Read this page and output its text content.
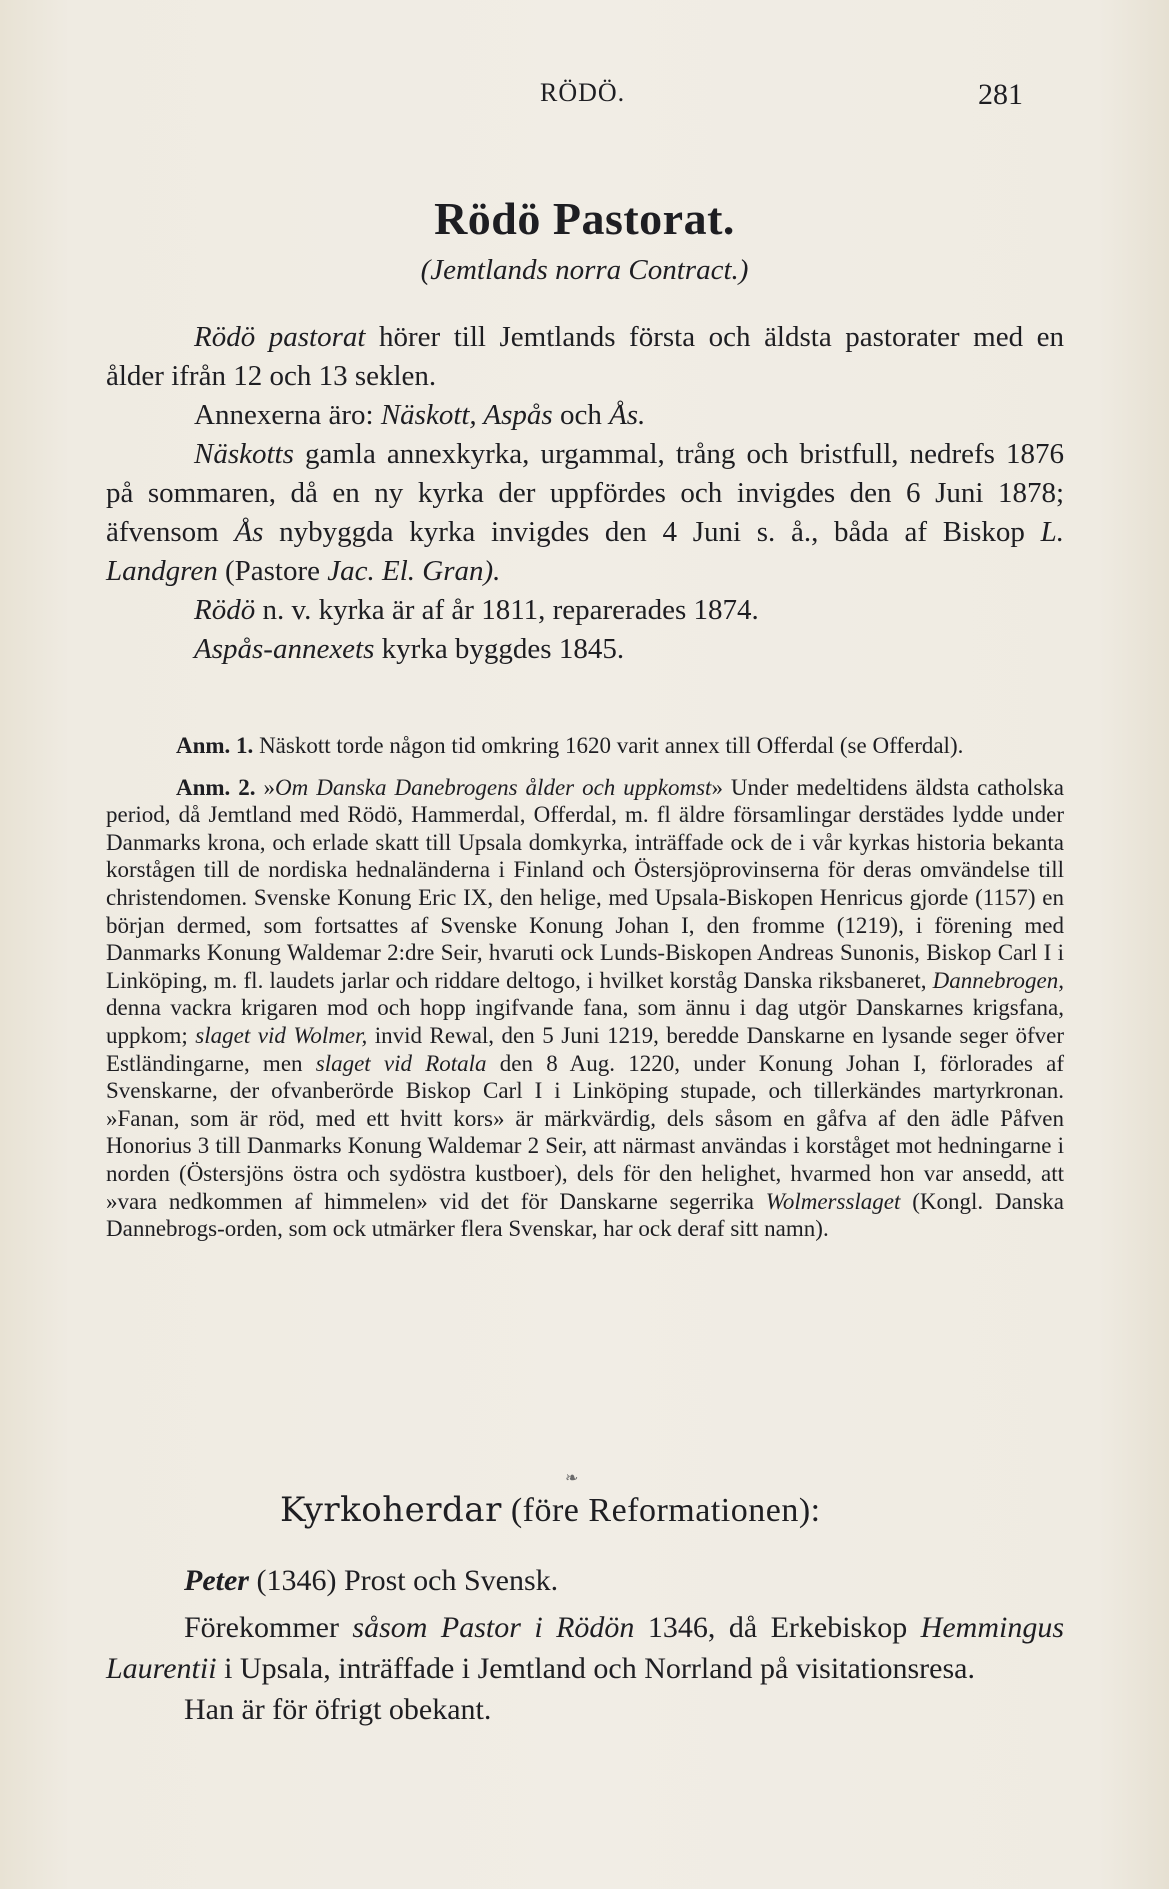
RÖDÖ.	281
Rödö Pastorat.
(Jemtlands norra Contract.)

Rödö pastorat hörer till Jemtlands första och äldsta pastorater med en ålder ifrån 12 och 13 seklen.

Annexerna äro: Näskott, Aspås och Ås.

Näskotts gamla annexkyrka, urgammal, trång och bristfull, nedrefs 1876 på sommaren, då en ny kyrka der uppfördes och invigdes den 6 Juni 1878; äfvensom Ås nybyggda kyrka invigdes den 4 Juni s. å., båda af Biskop L. Landgren (Pastore Jac. El. Gran).

Rödö n. v. kyrka är af år 1811, reparerades 1874.

Aspås-annexets kyrka byggdes 1845.

Anm. 1. Näskott torde någon tid omkring 1620 varit annex till Offerdal (se Offerdal).

Anm. 2. »Om Danska Danebrogens ålder och uppkomst» Under medeltidens äldsta catholska period, då Jemtland med Rödö, Hammerdal, Offerdal, m. fl äldre församlingar derstädes lydde under Danmarks krona, och erlade skatt till Upsala domkyrka, inträffade ock de i vår kyrkas historia bekanta korstågen till de nordiska hednaländerna i Finland och Östersjöprovinserna för deras omvändelse till christendomen. Svenske Konung Eric IX, den helige, med Upsala-Biskopen Henricus gjorde (1157) en början dermed, som fortsattes af Svenske Konung Johan I, den fromme (1219), i förening med Danmarks Konung Waldemar 2:dre Seir, hvaruti ock Lunds-Biskopen Andreas Sunonis, Biskop Carl I i Linköping, m. fl. laudets jarlar och riddare deltogo, i hvilket korståg Danska riksbaneret, Dannebrogen, denna vackra krigaren mod och hopp ingifvande fana, som ännu i dag utgör Danskarnes krigsfana, uppkom; slaget vid Wolmer, invid Rewal, den 5 Juni 1219, beredde Danskarne en lysande seger öfver Estländingarne, men slaget vid Rotala den 8 Aug. 1220, under Konung Johan I, förlorades af Svenskarne, der ofvanberörde Biskop Carl I i Linköping stupade, och tillerkändes martyrkronan. »Fanan, som är röd, med ett hvitt kors» är märkvärdig, dels såsom en gåfva af den ädle Påfven Honorius 3 till Danmarks Konung Waldemar 2 Seir, att närmast användas i korståget mot hedningarne i norden (Östersjöns östra och sydöstra kustboer), dels för den helighet, hvarmed hon var ansedd, att »vara nedkommen af himmelen» vid det för Danskarne segerrika Wolmersslaget (Kongl. Danska Dannebrogs-orden, som ock utmärker flera Svenskar, har ock deraf sitt namn).

❧
Kyrkoherdar (före Reformationen):

Peter (1346) Prost och Svensk.

Förekommer såsom Pastor i Rödön 1346, då Erkebiskop Hemmingus Laurentii i Upsala, inträffade i Jemtland och Norrland på visitationsresa.

Han är för öfrigt obekant.
